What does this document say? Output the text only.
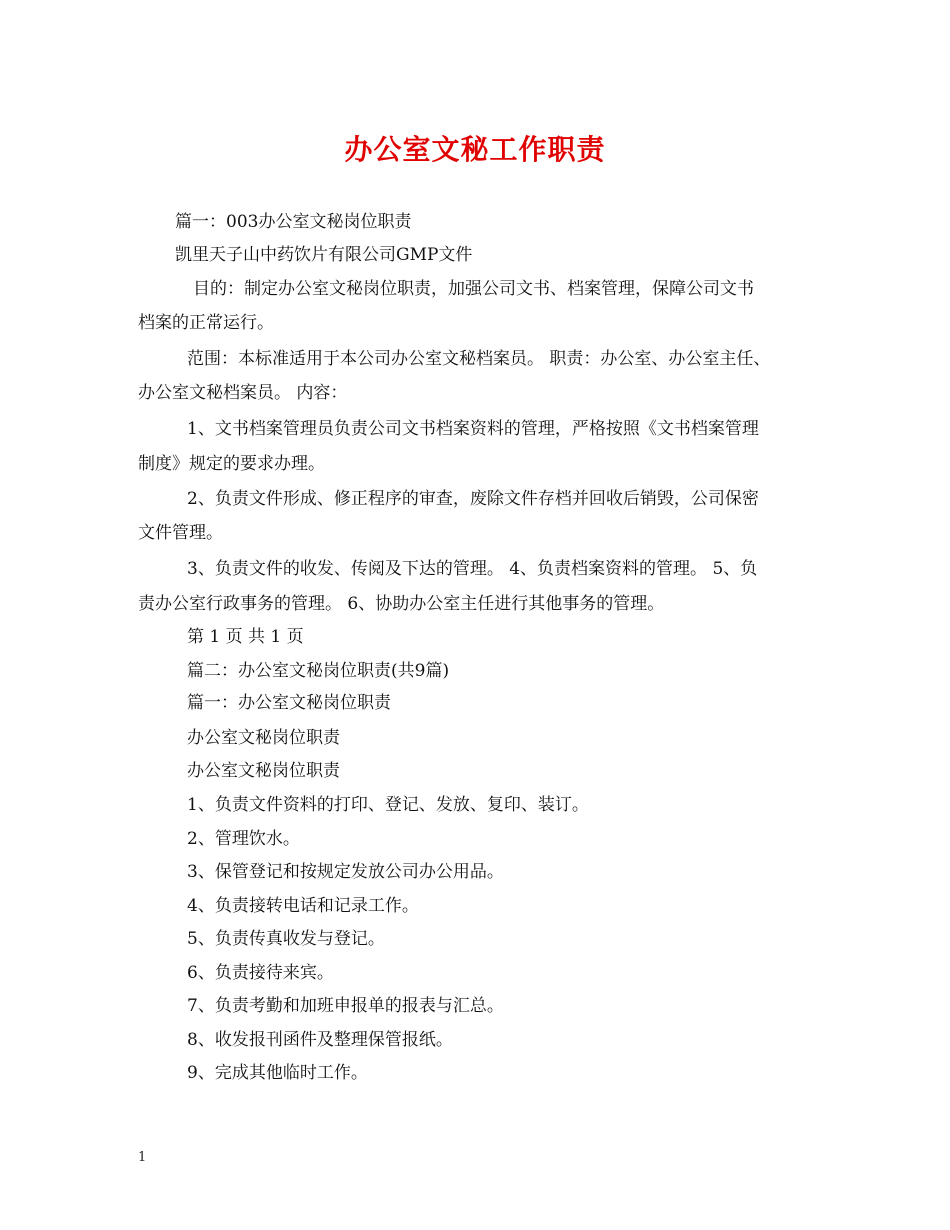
办公室文秘工作职责
篇一：003办公室文秘岗位职责
凯里天子山中药饮片有限公司GMP文件
目的：制定办公室文秘岗位职责，加强公司文书、档案管理，保障公司文书
档案的正常运行。
范围：本标准适用于本公司办公室文秘档案员。 职责：办公室、办公室主任、
办公室文秘档案员。 内容：
1、文书档案管理员负责公司文书档案资料的管理，严格按照《文书档案管理
制度》规定的要求办理。
2、负责文件形成、修正程序的审查，废除文件存档并回收后销毁，公司保密
文件管理。
3、负责文件的收发、传阅及下达的管理。 4、负责档案资料的管理。 5、负
责办公室行政事务的管理。 6、协助办公室主任进行其他事务的管理。
第 1 页 共 1 页
篇二：办公室文秘岗位职责(共9篇)
篇一：办公室文秘岗位职责
办公室文秘岗位职责
办公室文秘岗位职责
1、负责文件资料的打印、登记、发放、复印、装订。
2、管理饮水。
3、保管登记和按规定发放公司办公用品。
4、负责接转电话和记录工作。
5、负责传真收发与登记。
6、负责接待来宾。
7、负责考勤和加班申报单的报表与汇总。
8、收发报刊函件及整理保管报纸。
9、完成其他临时工作。
1
